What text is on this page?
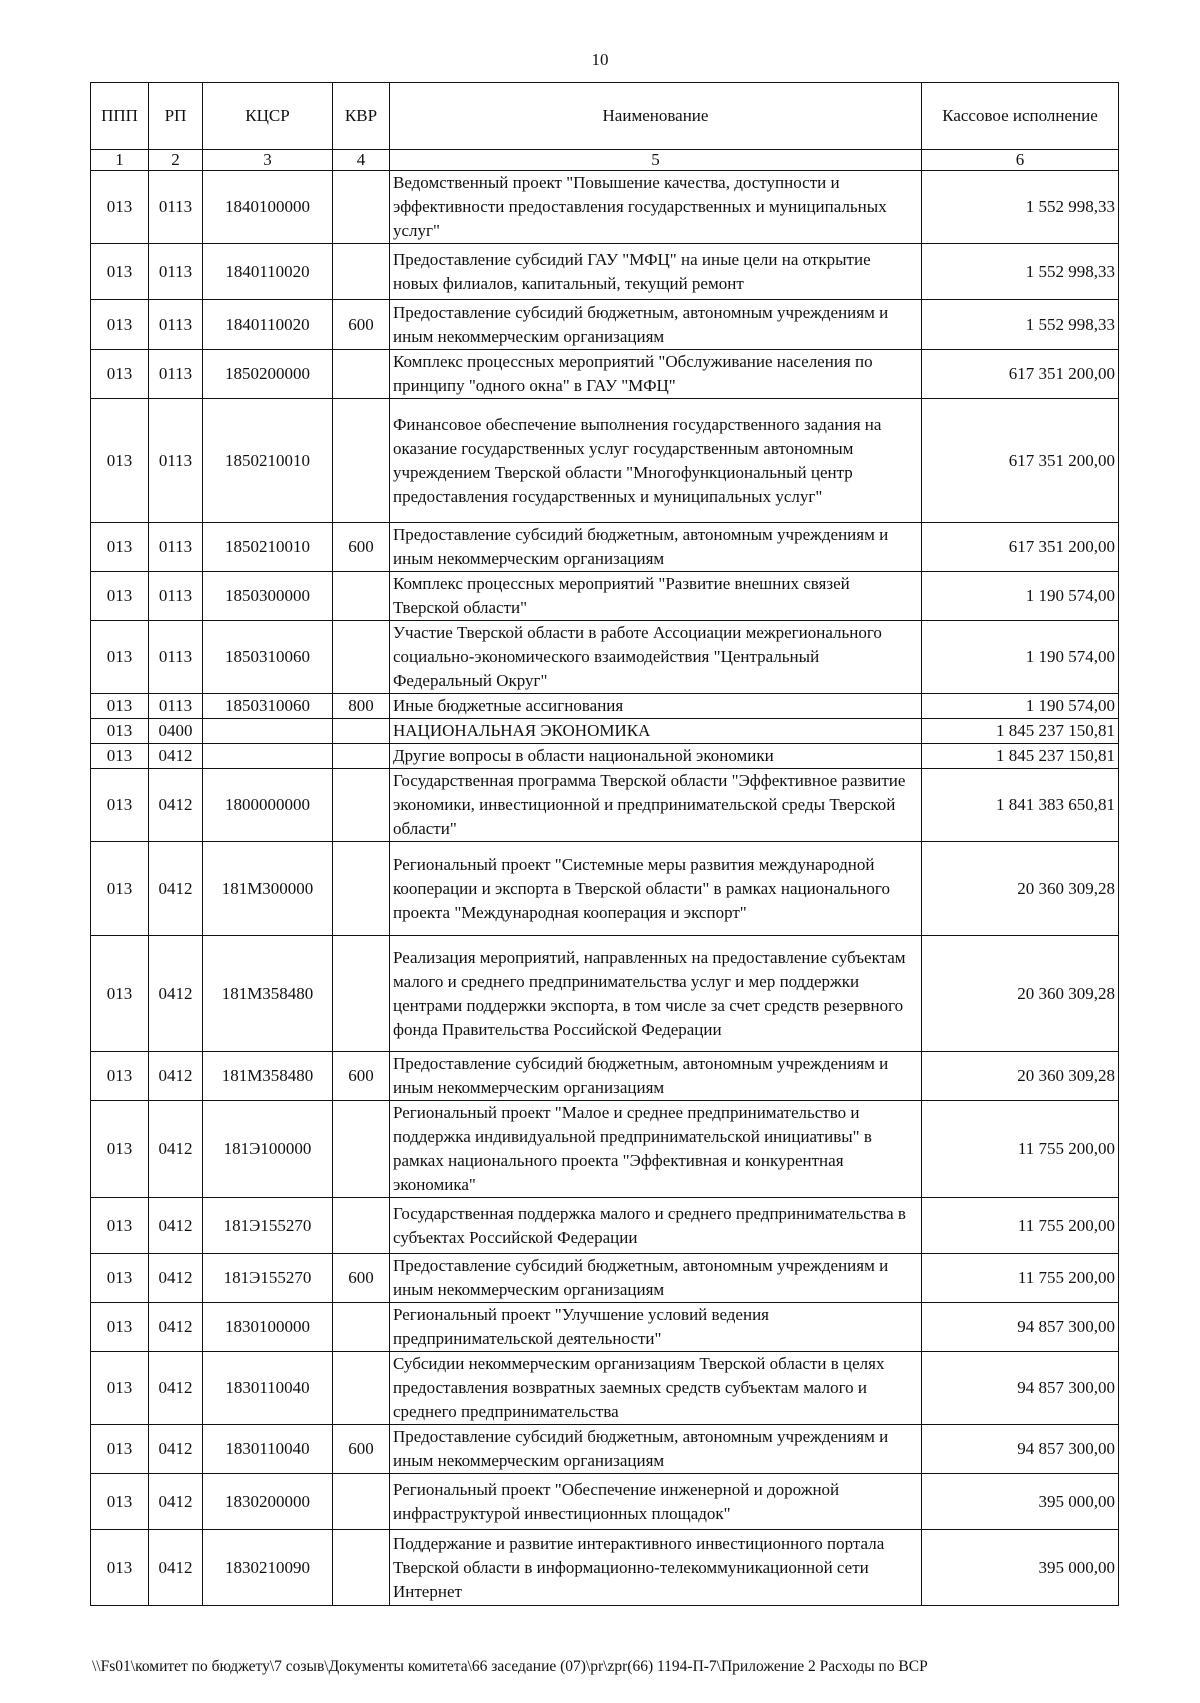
10
ППП	РП	КЦСР	КВР	Наименование	Кассовое исполнение
1	2	3	4	5	6
013	0113	1840100000		Ведомственный проект "Повышение качества, доступности и эффективности предоставления государственных и муниципальных услуг"	1 552 998,33
013	0113	1840110020		Предоставление субсидий ГАУ "МФЦ" на иные цели на открытие новых филиалов, капитальный, текущий ремонт	1 552 998,33
013	0113	1840110020	600	Предоставление субсидий бюджетным, автономным учреждениям и иным некоммерческим организациям	1 552 998,33
013	0113	1850200000		Комплекс процессных мероприятий "Обслуживание населения по принципу "одного окна" в ГАУ "МФЦ"	617 351 200,00
013	0113	1850210010		Финансовое обеспечение выполнения государственного задания на оказание государственных услуг государственным автономным учреждением Тверской области "Многофункциональный центр предоставления государственных и муниципальных услуг"	617 351 200,00
013	0113	1850210010	600	Предоставление субсидий бюджетным, автономным учреждениям и иным некоммерческим организациям	617 351 200,00
013	0113	1850300000		Комплекс процессных мероприятий "Развитие внешних связей Тверской области"	1 190 574,00
013	0113	1850310060		Участие Тверской области в работе Ассоциации межрегионального социально-экономического взаимодействия "Центральный Федеральный Округ"	1 190 574,00
013	0113	1850310060	800	Иные бюджетные ассигнования	1 190 574,00
013	0400			НАЦИОНАЛЬНАЯ ЭКОНОМИКА	1 845 237 150,81
013	0412			Другие вопросы в области национальной экономики	1 845 237 150,81
013	0412	1800000000		Государственная программа Тверской области "Эффективное развитие экономики, инвестиционной и предпринимательской среды Тверской области"	1 841 383 650,81
013	0412	181М300000		Региональный проект "Системные меры развития международной кооперации и экспорта в Тверской области" в рамках национального проекта "Международная кооперация и экспорт"	20 360 309,28
013	0412	181М358480		Реализация мероприятий, направленных на предоставление субъектам малого и среднего предпринимательства услуг и мер поддержки центрами поддержки экспорта, в том числе за счет средств резервного фонда Правительства Российской Федерации	20 360 309,28
013	0412	181М358480	600	Предоставление субсидий бюджетным, автономным учреждениям и иным некоммерческим организациям	20 360 309,28
013	0412	181Э100000		Региональный проект "Малое и среднее предпринимательство и поддержка индивидуальной предпринимательской инициативы" в рамках национального проекта "Эффективная и конкурентная экономика"	11 755 200,00
013	0412	181Э155270		Государственная поддержка малого и среднего предпринимательства в субъектах Российской Федерации	11 755 200,00
013	0412	181Э155270	600	Предоставление субсидий бюджетным, автономным учреждениям и иным некоммерческим организациям	11 755 200,00
013	0412	1830100000		Региональный проект "Улучшение условий ведения предпринимательской деятельности"	94 857 300,00
013	0412	1830110040		Субсидии некоммерческим организациям Тверской области в целях предоставления возвратных заемных средств субъектам малого и среднего предпринимательства	94 857 300,00
013	0412	1830110040	600	Предоставление субсидий бюджетным, автономным учреждениям и иным некоммерческим организациям	94 857 300,00
013	0412	1830200000		Региональный проект "Обеспечение инженерной и дорожной инфраструктурой инвестиционных площадок"	395 000,00
013	0412	1830210090		Поддержание и развитие интерактивного инвестиционного портала Тверской области в информационно-телекоммуникационной сети Интернет	395 000,00
\\Fs01\комитет по бюджету\7 созыв\Документы комитета\66 заседание (07)\pr\zpr(66) 1194-П-7\Приложение 2 Расходы по ВСР
